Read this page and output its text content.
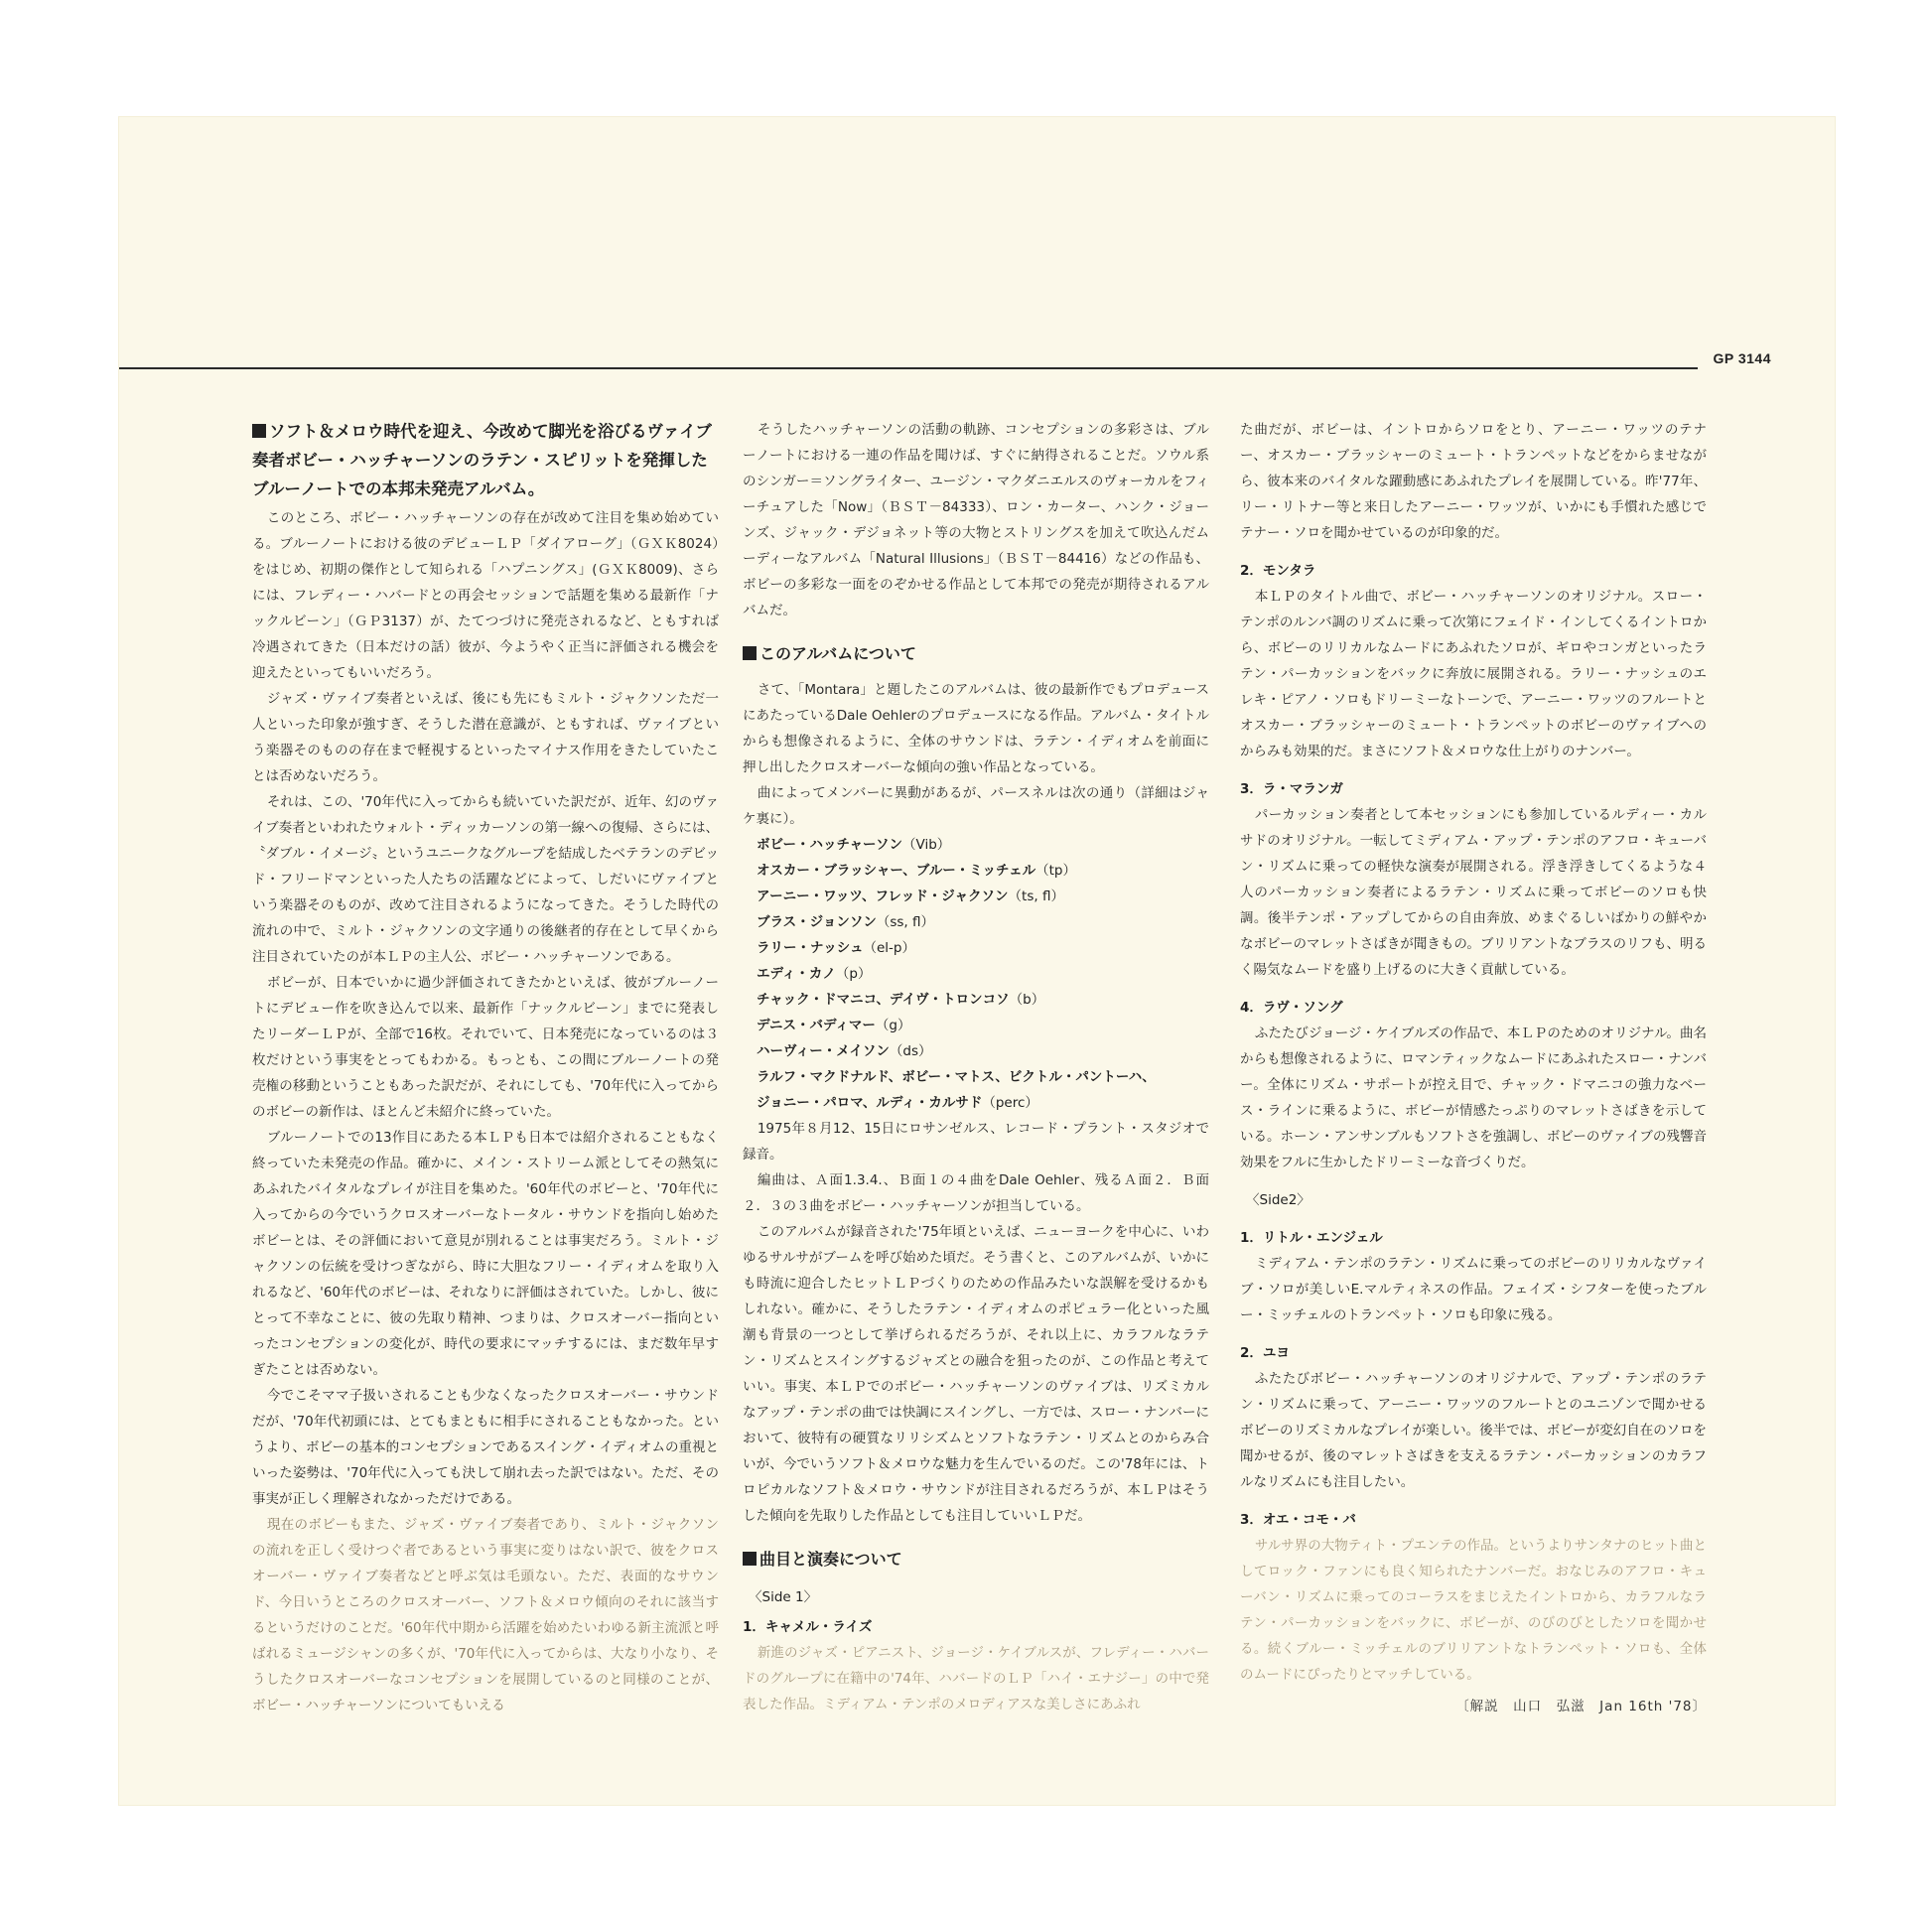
GP 3144
ソフト＆メロウ時代を迎え、今改めて脚光を浴びるヴァイブ奏者ボビー・ハッチャーソンのラテン・スピリットを発揮したブルーノートでの本邦未発売アルバム。

このところ、ボビー・ハッチャーソンの存在が改めて注目を集め始めている。ブルーノートにおける彼のデビューＬＰ「ダイアローグ」（ＧＸＫ8024）をはじめ、初期の傑作として知られる「ハプニングス」(ＧＸＫ8009)、さらには、フレディー・ハバードとの再会セッションで話題を集める最新作「ナックルビーン」（ＧＰ3137）が、たてつづけに発売されるなど、ともすれば冷遇されてきた（日本だけの話）彼が、今ようやく正当に評価される機会を迎えたといってもいいだろう。

ジャズ・ヴァイブ奏者といえば、後にも先にもミルト・ジャクソンただ一人といった印象が強すぎ、そうした潜在意識が、ともすれば、ヴァイブという楽器そのものの存在まで軽視するといったマイナス作用をきたしていたことは否めないだろう。

それは、この、'70年代に入ってからも続いていた訳だが、近年、幻のヴァイブ奏者といわれたウォルト・ディッカーソンの第一線への復帰、さらには、〝ダブル・イメージ〟というユニークなグループを結成したベテランのデビッド・フリードマンといった人たちの活躍などによって、しだいにヴァイブという楽器そのものが、改めて注目されるようになってきた。そうした時代の流れの中で、ミルト・ジャクソンの文字通りの後継者的存在として早くから注目されていたのが本ＬＰの主人公、ボビー・ハッチャーソンである。

ボビーが、日本でいかに過少評価されてきたかといえば、彼がブルーノートにデビュー作を吹き込んで以来、最新作「ナックルビーン」までに発表したリーダーＬＰが、全部で16枚。それでいて、日本発売になっているのは３枚だけという事実をとってもわかる。もっとも、この間にブルーノートの発売権の移動ということもあった訳だが、それにしても、'70年代に入ってからのボビーの新作は、ほとんど未紹介に終っていた。

ブルーノートでの13作目にあたる本ＬＰも日本では紹介されることもなく終っていた未発売の作品。確かに、メイン・ストリーム派としてその熱気にあふれたバイタルなプレイが注目を集めた。'60年代のボビーと、'70年代に入ってからの今でいうクロスオーバーなトータル・サウンドを指向し始めたボビーとは、その評価において意見が別れることは事実だろう。ミルト・ジャクソンの伝統を受けつぎながら、時に大胆なフリー・イディオムを取り入れるなど、'60年代のボビーは、それなりに評価はされていた。しかし、彼にとって不幸なことに、彼の先取り精神、つまりは、クロスオーバー指向といったコンセプションの変化が、時代の要求にマッチするには、まだ数年早すぎたことは否めない。

今でこそママ子扱いされることも少なくなったクロスオーバー・サウンドだが、'70年代初頭には、とてもまともに相手にされることもなかった。というより、ボビーの基本的コンセプションであるスイング・イディオムの重視といった姿勢は、'70年代に入っても決して崩れ去った訳ではない。ただ、その事実が正しく理解されなかっただけである。

現在のボビーもまた、ジャズ・ヴァイブ奏者であり、ミルト・ジャクソンの流れを正しく受けつぐ者であるという事実に変りはない訳で、彼をクロスオーバー・ヴァイブ奏者などと呼ぶ気は毛頭ない。ただ、表面的なサウンド、今日いうところのクロスオーバー、ソフト＆メロウ傾向のそれに該当するというだけのことだ。'60年代中期から活躍を始めたいわゆる新主流派と呼ばれるミュージシャンの多くが、'70年代に入ってからは、大なり小なり、そうしたクロスオーバーなコンセプションを展開しているのと同様のことが、ボビー・ハッチャーソンについてもいえる

そうしたハッチャーソンの活動の軌跡、コンセプションの多彩さは、ブルーノートにおける一連の作品を聞けば、すぐに納得されることだ。ソウル系のシンガー＝ソングライター、ユージン・マクダニエルスのヴォーカルをフィーチュアした「Now」（ＢＳＴ－84333）、ロン・カーター、ハンク・ジョーンズ、ジャック・デジョネット等の大物とストリングスを加えて吹込んだムーディーなアルバム「Natural Illusions」（ＢＳＴ－84416）などの作品も、ボビーの多彩な一面をのぞかせる作品として本邦での発売が期待されるアルバムだ。

このアルバムについて

さて、「Montara」と題したこのアルバムは、彼の最新作でもプロデュースにあたっているDale Oehlerのプロデュースになる作品。アルバム・タイトルからも想像されるように、全体のサウンドは、ラテン・イディオムを前面に押し出したクロスオーバーな傾向の強い作品となっている。

曲によってメンバーに異動があるが、パースネルは次の通り（詳細はジャケ裏に）。

ボビー・ハッチャーソン（Vib）
オスカー・ブラッシャー、ブルー・ミッチェル（tp）
アーニー・ワッツ、フレッド・ジャクソン（ts, fl）
ブラス・ジョンソン（ss, fl）
ラリー・ナッシュ（el-p）
エディ・カノ（p）
チャック・ドマニコ、デイヴ・トロンコソ（b）
デニス・バディマー（g）
ハーヴィー・メイソン（ds）
ラルフ・マクドナルド、ボビー・マトス、ビクトル・パントーハ、
ジョニー・パロマ、ルディ・カルサド（perc）

1975年８月12、15日にロサンゼルス、レコード・プラント・スタジオで録音。

編曲は、Ａ面1.3.4.、Ｂ面１の４曲をDale Oehler、残るＡ面２．Ｂ面２．３の３曲をボビー・ハッチャーソンが担当している。

このアルバムが録音された'75年頃といえば、ニューヨークを中心に、いわゆるサルサがブームを呼び始めた頃だ。そう書くと、このアルバムが、いかにも時流に迎合したヒットＬＰづくりのための作品みたいな誤解を受けるかもしれない。確かに、そうしたラテン・イディオムのポピュラー化といった風潮も背景の一つとして挙げられるだろうが、それ以上に、カラフルなラテン・リズムとスイングするジャズとの融合を狙ったのが、この作品と考えていい。事実、本ＬＰでのボビー・ハッチャーソンのヴァイブは、リズミカルなアップ・テンポの曲では快調にスイングし、一方では、スロー・ナンバーにおいて、彼特有の硬質なリリシズムとソフトなラテン・リズムとのからみ合いが、今でいうソフト＆メロウな魅力を生んでいるのだ。この'78年には、トロピカルなソフト＆メロウ・サウンドが注目されるだろうが、本ＬＰはそうした傾向を先取りした作品としても注目していいＬＰだ。

曲目と演奏について
〈Side 1〉
1．キャメル・ライズ

新進のジャズ・ピアニスト、ジョージ・ケイブルスが、フレディー・ハバードのグループに在籍中の'74年、ハバードのＬＰ「ハイ・エナジー」の中で発表した作品。ミディアム・テンポのメロディアスな美しさにあふれ

た曲だが、ボビーは、イントロからソロをとり、アーニー・ワッツのテナー、オスカー・ブラッシャーのミュート・トランペットなどをからませながら、彼本来のバイタルな躍動感にあふれたプレイを展開している。昨'77年、リー・リトナー等と来日したアーニー・ワッツが、いかにも手慣れた感じでテナー・ソロを聞かせているのが印象的だ。

2．モンタラ

本ＬＰのタイトル曲で、ボビー・ハッチャーソンのオリジナル。スロー・テンポのルンバ調のリズムに乗って次第にフェイド・インしてくるイントロから、ボビーのリリカルなムードにあふれたソロが、ギロやコンガといったラテン・パーカッションをバックに奔放に展開される。ラリー・ナッシュのエレキ・ピアノ・ソロもドリーミーなトーンで、アーニー・ワッツのフルートとオスカー・ブラッシャーのミュート・トランペットのボビーのヴァイブへのからみも効果的だ。まさにソフト＆メロウな仕上がりのナンバー。

3．ラ・マランガ

パーカッション奏者として本セッションにも参加しているルディー・カルサドのオリジナル。一転してミディアム・アップ・テンポのアフロ・キューバン・リズムに乗っての軽快な演奏が展開される。浮き浮きしてくるような４人のパーカッション奏者によるラテン・リズムに乗ってボビーのソロも快調。後半テンポ・アップしてからの自由奔放、めまぐるしいばかりの鮮やかなボビーのマレットさばきが聞きもの。ブリリアントなブラスのリフも、明るく陽気なムードを盛り上げるのに大きく貢献している。

4．ラヴ・ソング

ふたたびジョージ・ケイブルズの作品で、本ＬＰのためのオリジナル。曲名からも想像されるように、ロマンティックなムードにあふれたスロー・ナンバー。全体にリズム・サポートが控え目で、チャック・ドマニコの強力なベース・ラインに乗るように、ボビーが情感たっぷりのマレットさばきを示している。ホーン・アンサンブルもソフトさを強調し、ボビーのヴァイブの残響音効果をフルに生かしたドリーミーな音づくりだ。

〈Side2〉
1．リトル・エンジェル

ミディアム・テンポのラテン・リズムに乗ってのボビーのリリカルなヴァイブ・ソロが美しいE.マルティネスの作品。フェイズ・シフターを使ったブルー・ミッチェルのトランペット・ソロも印象に残る。

2．ユヨ

ふたたびボビー・ハッチャーソンのオリジナルで、アップ・テンポのラテン・リズムに乗って、アーニー・ワッツのフルートとのユニゾンで聞かせるボビーのリズミカルなプレイが楽しい。後半では、ボビーが変幻自在のソロを聞かせるが、後のマレットさばきを支えるラテン・パーカッションのカラフルなリズムにも注目したい。

3．オエ・コモ・バ

サルサ界の大物ティト・プエンテの作品。というよりサンタナのヒット曲としてロック・ファンにも良く知られたナンバーだ。おなじみのアフロ・キューバン・リズムに乗ってのコーラスをまじえたイントロから、カラフルなラテン・パーカッションをバックに、ボビーが、のびのびとしたソロを聞かせる。続くブルー・ミッチェルのブリリアントなトランペット・ソロも、全体のムードにぴったりとマッチしている。

〔解説　山口　弘滋　Jan 16th '78〕
